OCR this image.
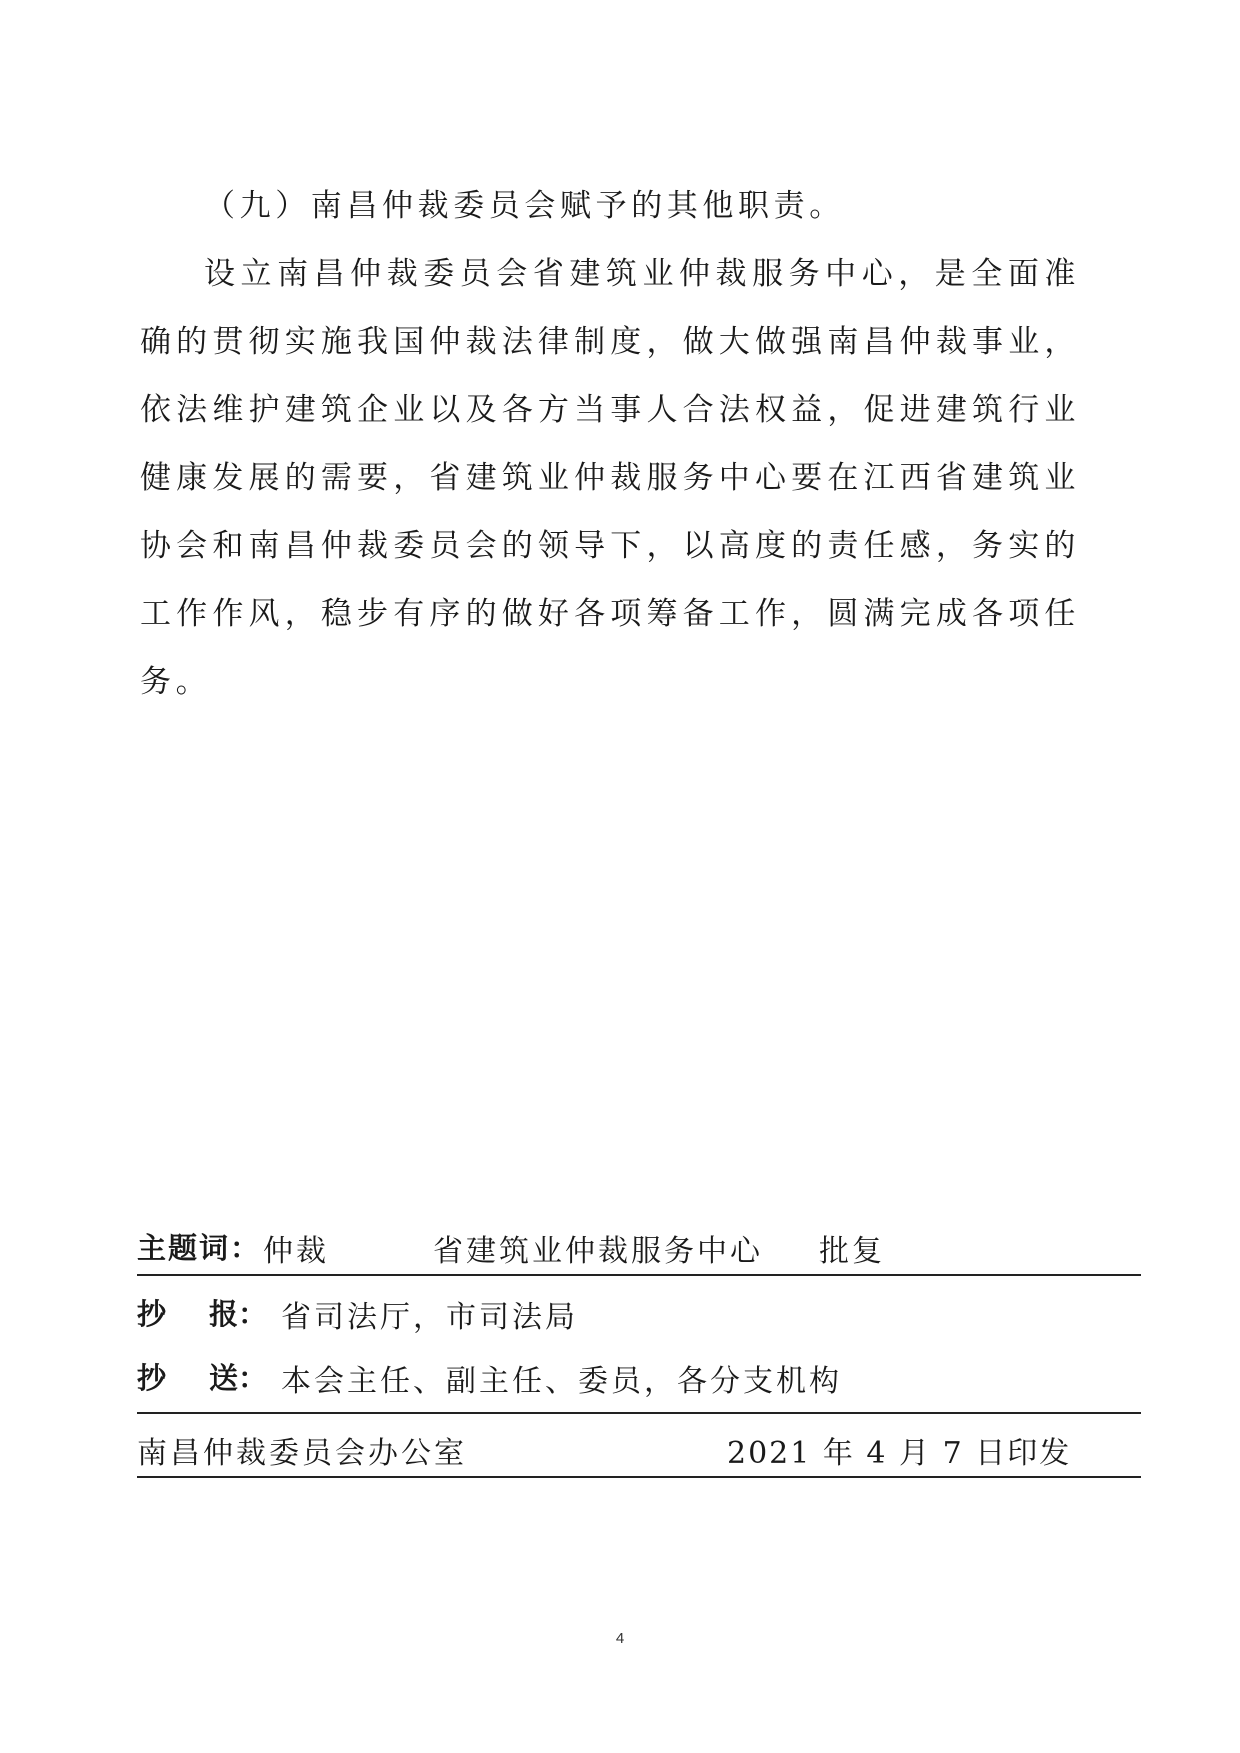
（九）南昌仲裁委员会赋予的其他职责。

设立南昌仲裁委员会省建筑业仲裁服务中心，是全面准确的贯彻实施我国仲裁法律制度，做大做强南昌仲裁事业，依法维护建筑企业以及各方当事人合法权益，促进建筑行业健康发展的需要，省建筑业仲裁服务中心要在江西省建筑业协会和南昌仲裁委员会的领导下，以高度的责任感，务实的工作作风，稳步有序的做好各项筹备工作，圆满完成各项任务。

主题词： 仲裁	省建筑业仲裁服务中心 批复
抄 报： 省司法厅，市司法局
抄 送： 本会主任、副主任、委员，各分支机构
南昌仲裁委员会办公室	2021 年 4 月 7 日印发
4
